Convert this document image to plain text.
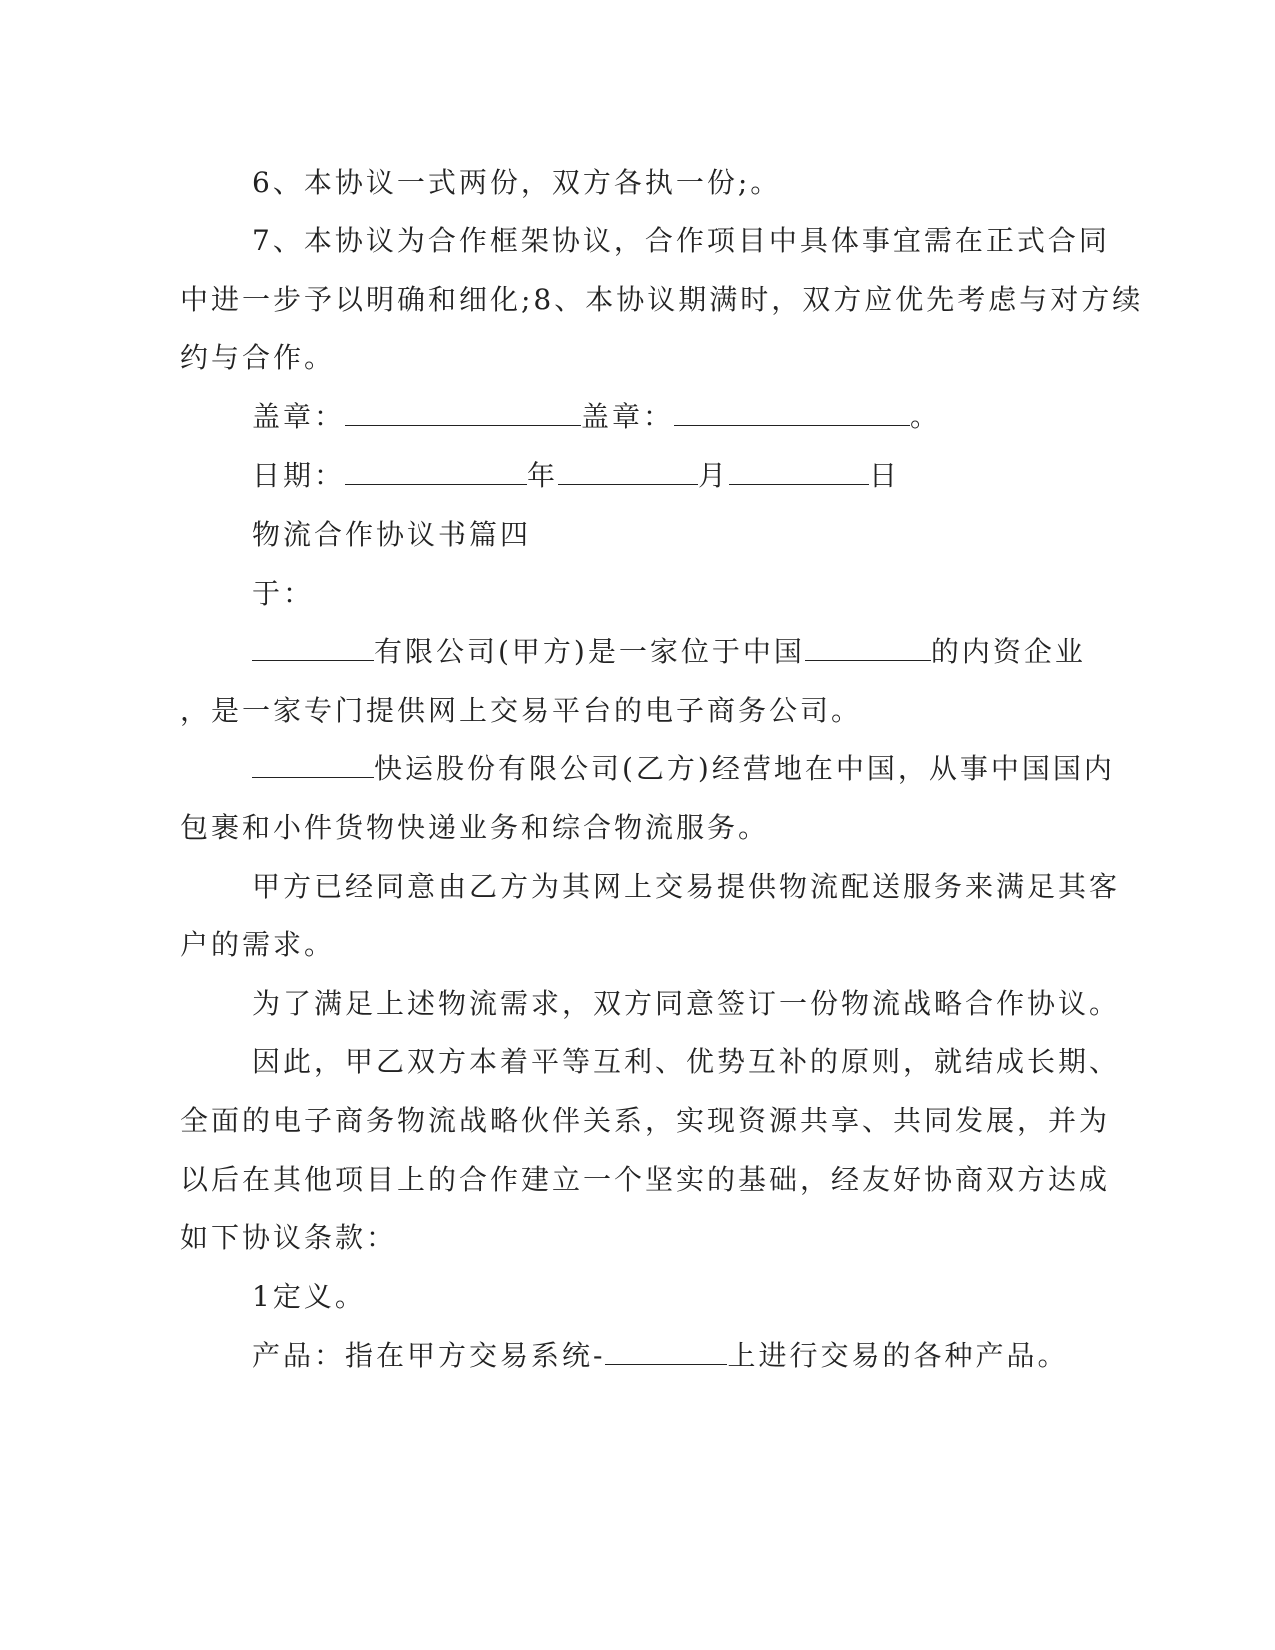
6、本协议一式两份，双方各执一份;。
7、本协议为合作框架协议，合作项目中具体事宜需在正式合同
中进一步予以明确和细化;8、本协议期满时，双方应优先考虑与对方续
约与合作。
盖章：	盖章：	。
日期：	年	月	日
物流合作协议书篇四
于：
有限公司(甲方)是一家位于中国	的内资企业
，是一家专门提供网上交易平台的电子商务公司。
快运股份有限公司(乙方)经营地在中国，从事中国国内
包裹和小件货物快递业务和综合物流服务。
甲方已经同意由乙方为其网上交易提供物流配送服务来满足其客
户的需求。
为了满足上述物流需求，双方同意签订一份物流战略合作协议。
因此，甲乙双方本着平等互利、优势互补的原则，就结成长期、
全面的电子商务物流战略伙伴关系，实现资源共享、共同发展，并为
以后在其他项目上的合作建立一个坚实的基础，经友好协商双方达成
如下协议条款：
1定义。
产品：指在甲方交易系统-	上进行交易的各种产品。
